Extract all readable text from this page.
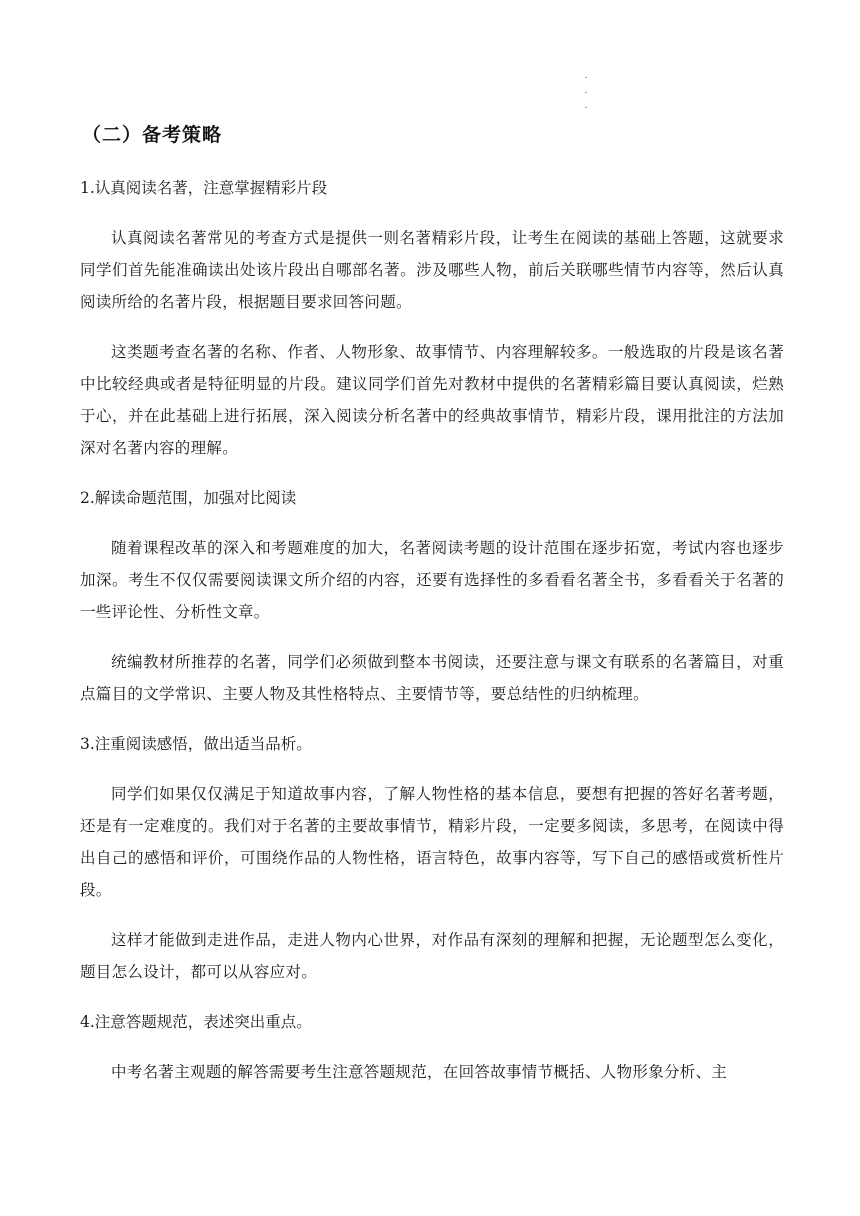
.
.
.
（二）备考策略
1.认真阅读名著，注意掌握精彩片段
认真阅读名著常见的考查方式是提供一则名著精彩片段，让考生在阅读的基础上答题，这就要求同学们首先能准确读出处该片段出自哪部名著。涉及哪些人物，前后关联哪些情节内容等，然后认真阅读所给的名著片段，根据题目要求回答问题。
这类题考查名著的名称、作者、人物形象、故事情节、内容理解较多。一般选取的片段是该名著中比较经典或者是特征明显的片段。建议同学们首先对教材中提供的名著精彩篇目要认真阅读，烂熟于心，并在此基础上进行拓展，深入阅读分析名著中的经典故事情节，精彩片段，课用批注的方法加深对名著内容的理解。
2.解读命题范围，加强对比阅读
随着课程改革的深入和考题难度的加大，名著阅读考题的设计范围在逐步拓宽，考试内容也逐步加深。考生不仅仅需要阅读课文所介绍的内容，还要有选择性的多看看名著全书，多看看关于名著的一些评论性、分析性文章。
统编教材所推荐的名著，同学们必须做到整本书阅读，还要注意与课文有联系的名著篇目，对重点篇目的文学常识、主要人物及其性格特点、主要情节等，要总结性的归纳梳理。
3.注重阅读感悟，做出适当品析。
同学们如果仅仅满足于知道故事内容，了解人物性格的基本信息，要想有把握的答好名著考题，还是有一定难度的。我们对于名著的主要故事情节，精彩片段，一定要多阅读，多思考，在阅读中得出自己的感悟和评价，可围绕作品的人物性格，语言特色，故事内容等，写下自己的感悟或赏析性片段。
这样才能做到走进作品，走进人物内心世界，对作品有深刻的理解和把握，无论题型怎么变化，题目怎么设计，都可以从容应对。
4.注意答题规范，表述突出重点。
中考名著主观题的解答需要考生注意答题规范，在回答故事情节概括、人物形象分析、主
